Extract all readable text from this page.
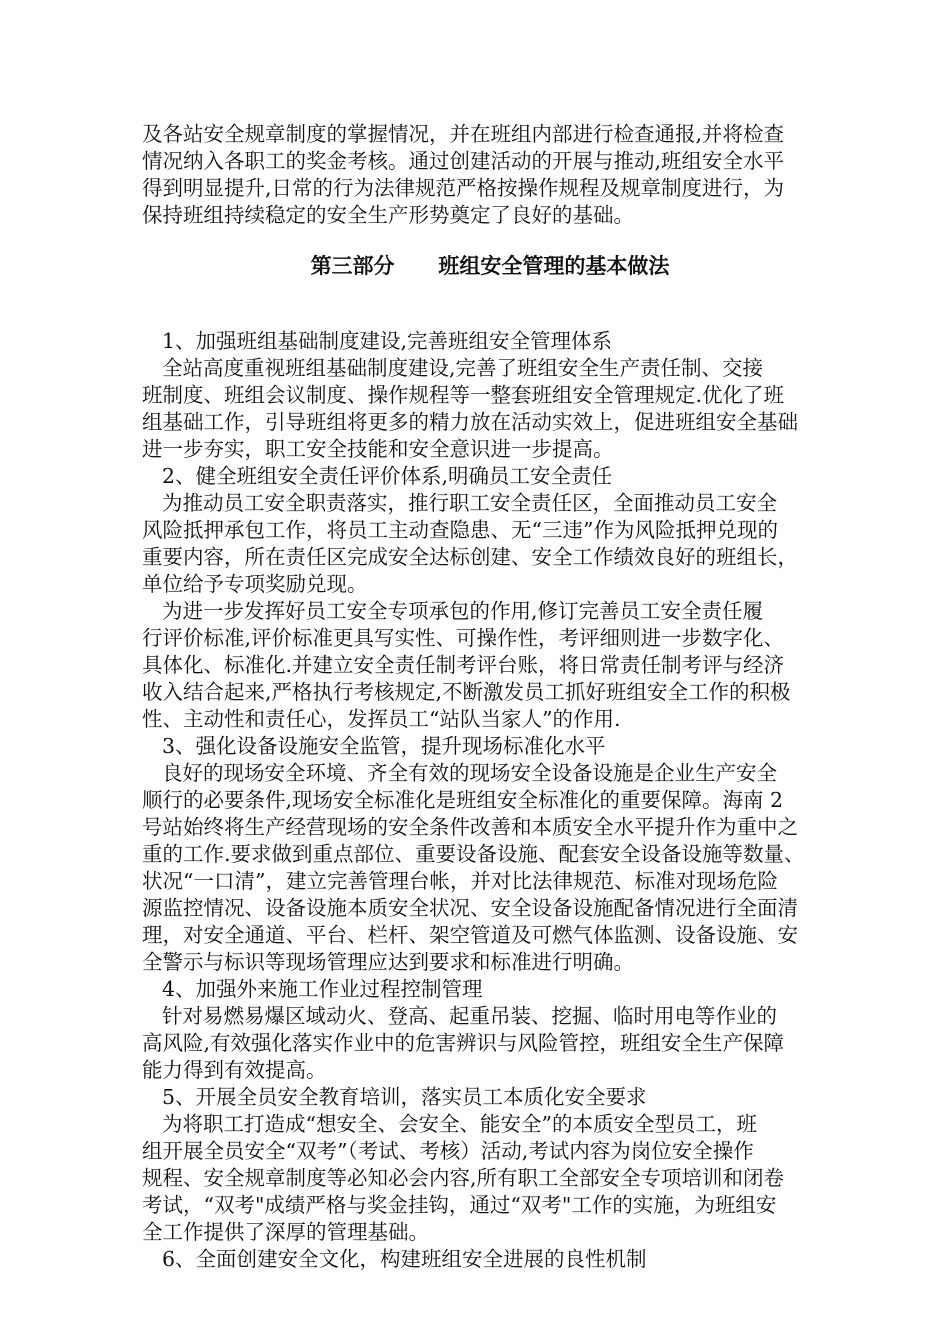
及各站安全规章制度的掌握情况，并在班组内部进行检查通报,并将检查
情况纳入各职工的奖金考核。通过创建活动的开展与推动,班组安全水平
得到明显提升,日常的行为法律规范严格按操作规程及规章制度进行，为
保持班组持续稳定的安全生产形势奠定了良好的基础。
第三部分      班组安全管理的基本做法
1、加强班组基础制度建设,完善班组安全管理体系
全站高度重视班组基础制度建设,完善了班组安全生产责任制、交接
班制度、班组会议制度、操作规程等一整套班组安全管理规定.优化了班
组基础工作，引导班组将更多的精力放在活动实效上，促进班组安全基础
进一步夯实，职工安全技能和安全意识进一步提高。
2、健全班组安全责任评价体系,明确员工安全责任
为推动员工安全职责落实，推行职工安全责任区，全面推动员工安全
风险抵押承包工作，将员工主动查隐患、无“三违”作为风险抵押兑现的
重要内容，所在责任区完成安全达标创建、安全工作绩效良好的班组长，
单位给予专项奖励兑现。
为进一步发挥好员工安全专项承包的作用,修订完善员工安全责任履
行评价标准,评价标准更具写实性、可操作性，考评细则进一步数字化、
具体化、标准化.并建立安全责任制考评台账，将日常责任制考评与经济
收入结合起来,严格执行考核规定,不断激发员工抓好班组安全工作的积极
性、主动性和责任心，发挥员工“站队当家人”的作用.
3、强化设备设施安全监管，提升现场标准化水平
良好的现场安全环境、齐全有效的现场安全设备设施是企业生产安全
顺行的必要条件,现场安全标准化是班组安全标准化的重要保障。海南 2
号站始终将生产经营现场的安全条件改善和本质安全水平提升作为重中之
重的工作.要求做到重点部位、重要设备设施、配套安全设备设施等数量、
状况“一口清”，建立完善管理台帐，并对比法律规范、标准对现场危险
源监控情况、设备设施本质安全状况、安全设备设施配备情况进行全面清
理，对安全通道、平台、栏杆、架空管道及可燃气体监测、设备设施、安
全警示与标识等现场管理应达到要求和标准进行明确。
4、加强外来施工作业过程控制管理
针对易燃易爆区域动火、登高、起重吊装、挖掘、临时用电等作业的
高风险,有效强化落实作业中的危害辨识与风险管控，班组安全生产保障
能力得到有效提高。
5、开展全员安全教育培训，落实员工本质化安全要求
为将职工打造成“想安全、会安全、能安全”的本质安全型员工，班
组开展全员安全“双考”（考试、考核）活动,考试内容为岗位安全操作
规程、安全规章制度等必知必会内容,所有职工全部安全专项培训和闭卷
考试，“双考"成绩严格与奖金挂钩，通过“双考"工作的实施，为班组安
全工作提供了深厚的管理基础。
6、全面创建安全文化，构建班组安全进展的良性机制
